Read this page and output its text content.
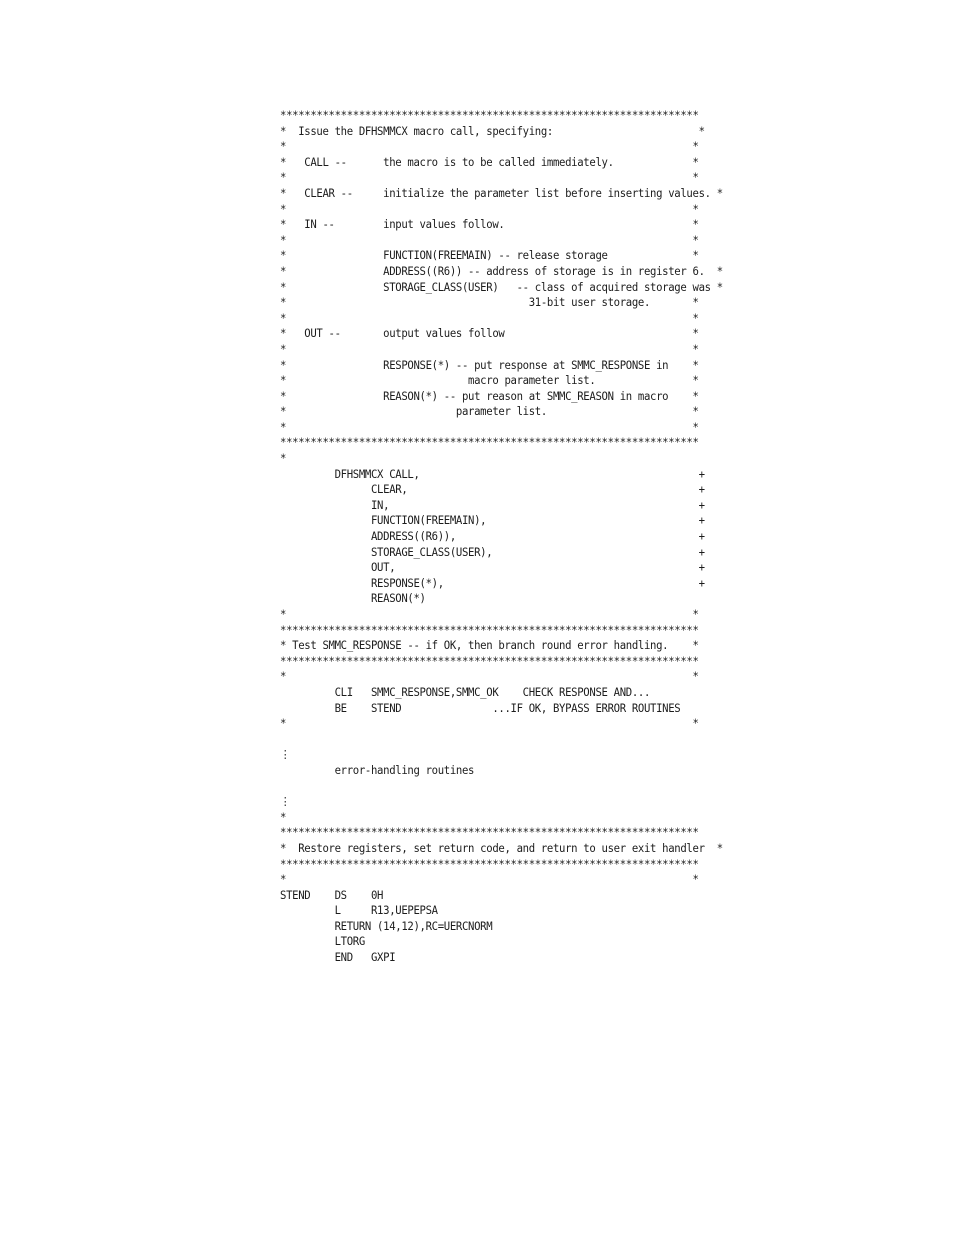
*********************************************************************
*  Issue the DFHSMMCX macro call, specifying:                        *
*                                                                   *
*   CALL --      the macro is to be called immediately.             *
*                                                                   *
*   CLEAR --     initialize the parameter list before inserting values. *
*                                                                   *
*   IN --        input values follow.                               *
*                                                                   *
*                FUNCTION(FREEMAIN) -- release storage              *
*                ADDRESS((R6)) -- address of storage is in register 6.  *
*                STORAGE_CLASS(USER)   -- class of acquired storage was *
*                                        31-bit user storage.       *
*                                                                   *
*   OUT --       output values follow                               *
*                                                                   *
*                RESPONSE(*) -- put response at SMMC_RESPONSE in    *
*                              macro parameter list.                *
*                REASON(*) -- put reason at SMMC_REASON in macro    *
*                            parameter list.                        *
*                                                                   *
*********************************************************************
*
DFHSMMCX CALL,                                              +
CLEAR,                                                +
IN,                                                   +
FUNCTION(FREEMAIN),                                   +
ADDRESS((R6)),                                        +
STORAGE_CLASS(USER),                                  +
OUT,                                                  +
RESPONSE(*),                                          +
REASON(*)
*                                                                   *
*********************************************************************
* Test SMMC_RESPONSE -- if OK, then branch round error handling.    *
*********************************************************************
*                                                                   *
CLI   SMMC_RESPONSE,SMMC_OK    CHECK RESPONSE AND...
BE    STEND               ...IF OK, BYPASS ERROR ROUTINES
*                                                                   *
⋮
error-handling routines
⋮
*
*********************************************************************
*  Restore registers, set return code, and return to user exit handler  *
*********************************************************************
*                                                                   *
STEND    DS    0H
L     R13,UEPEPSA
RETURN (14,12),RC=UERCNORM
LTORG
END   GXPI
